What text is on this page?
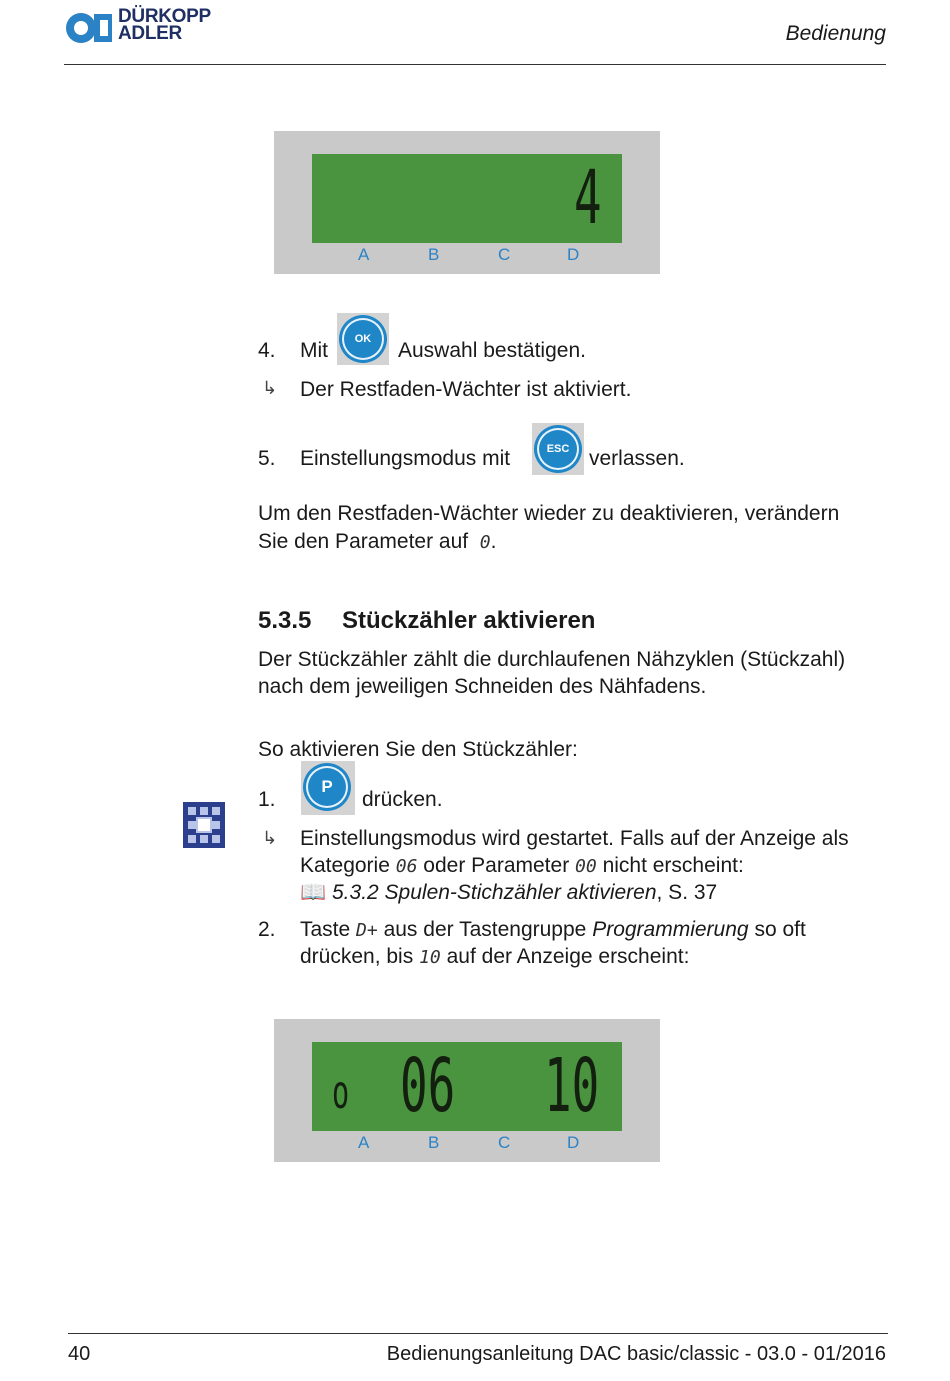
DÜRKOPP
ADLER	Bedienung
4
A	B	C	D
4. Mit	OK	Auswahl bestätigen.
↳ Der Restfaden-Wächter ist aktiviert.
5. Einstellungsmodus mit	ESC verlassen.
Um den Restfaden-Wächter wieder zu deaktivieren, verändern
Sie den Parameter auf 0.
5.3.5 Stückzähler aktivieren
Der Stückzähler zählt die durchlaufenen Nähzyklen (Stückzahl)
nach dem jeweiligen Schneiden des Nähfadens.
So aktivieren Sie den Stückzähler:
1.
P
drücken.
↳ Einstellungsmodus wird gestartet. Falls auf der Anzeige als
Kategorie 06 oder Parameter 00 nicht erscheint:
📖 5.3.2 Spulen-Stichzähler aktivieren, S. 37
2. Taste D+ aus der Tastengruppe Programmierung so oft
drücken, bis 10 auf der Anzeige erscheint:
o 06 10
A	B	C	D
40	Bedienungsanleitung DAC basic/classic - 03.0 - 01/2016
